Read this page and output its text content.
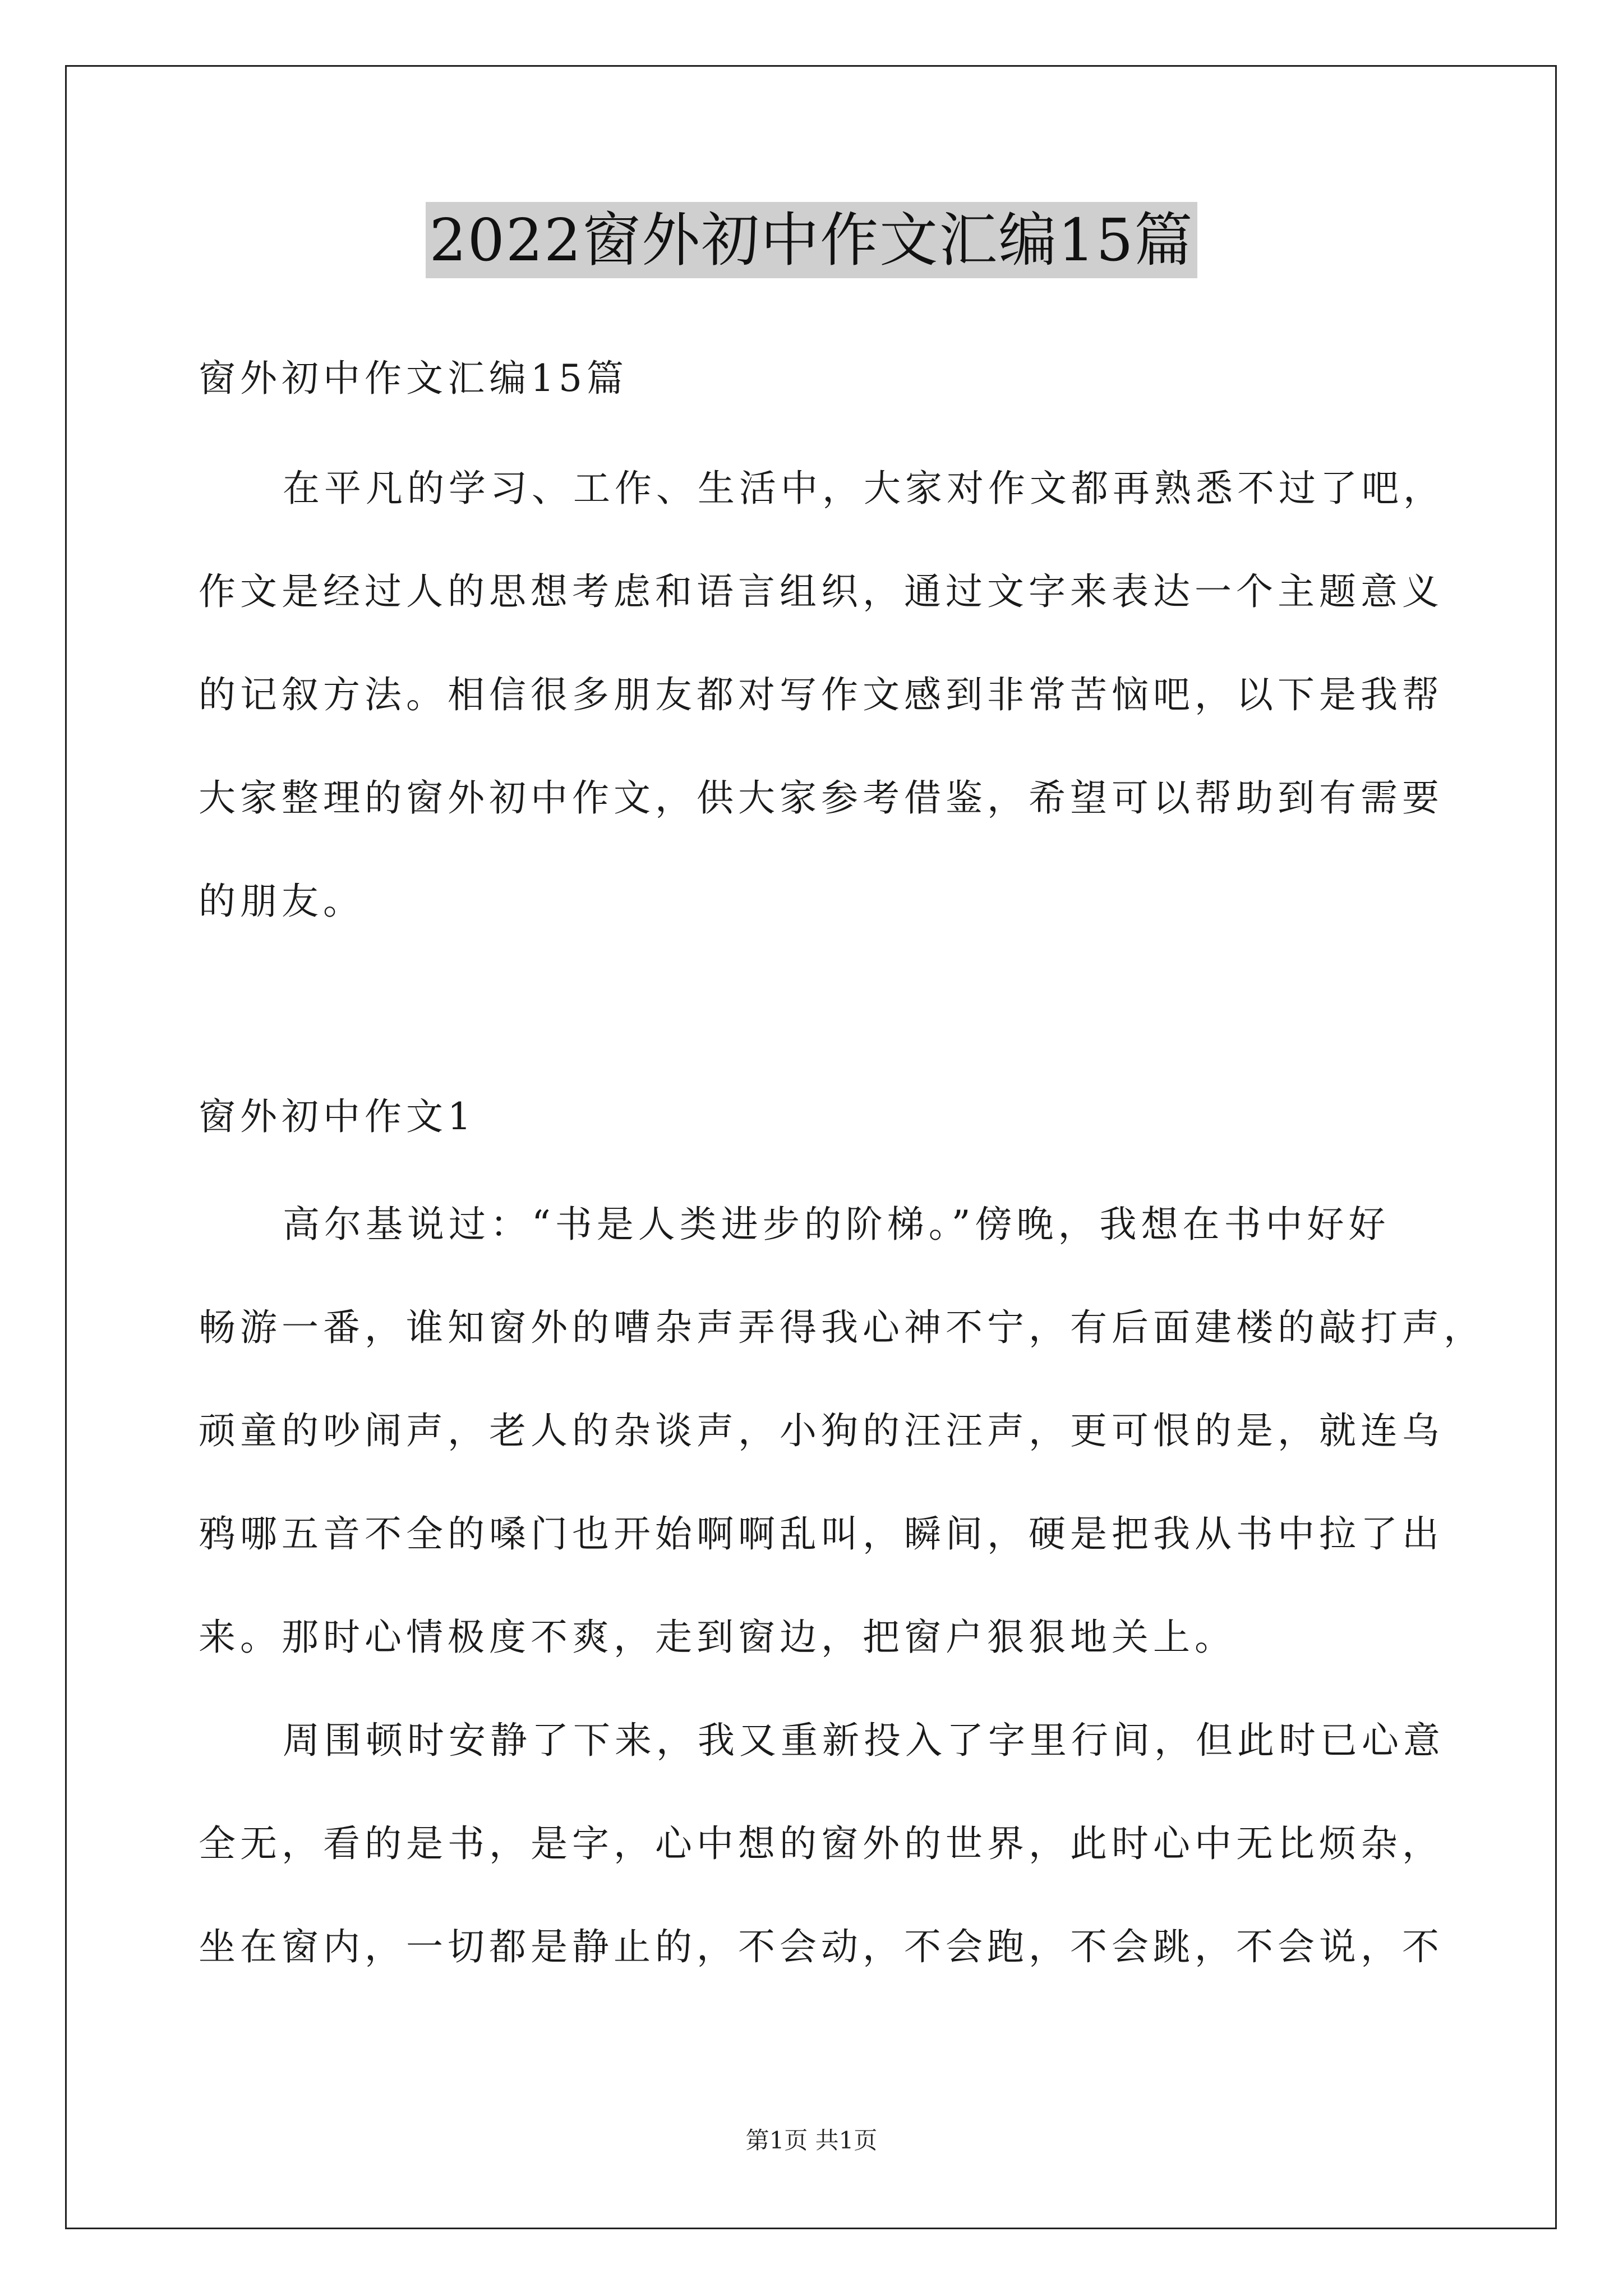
2022窗外初中作文汇编15篇
窗外初中作文汇编15篇
在平凡的学习、工作、生活中，大家对作文都再熟悉不过了吧，
作文是经过人的思想考虑和语言组织，通过文字来表达一个主题意义
的记叙方法。相信很多朋友都对写作文感到非常苦恼吧，以下是我帮
大家整理的窗外初中作文，供大家参考借鉴，希望可以帮助到有需要
的朋友。
窗外初中作文1
高尔基说过：“书是人类进步的阶梯。”傍晚，我想在书中好好
畅游一番，谁知窗外的嘈杂声弄得我心神不宁，有后面建楼的敲打声，
顽童的吵闹声，老人的杂谈声，小狗的汪汪声，更可恨的是，就连乌
鸦哪五音不全的嗓门也开始啊啊乱叫，瞬间，硬是把我从书中拉了出
来。那时心情极度不爽，走到窗边，把窗户狠狠地关上。
周围顿时安静了下来，我又重新投入了字里行间，但此时已心意
全无，看的是书，是字，心中想的窗外的世界，此时心中无比烦杂，
坐在窗内，一切都是静止的，不会动，不会跑，不会跳，不会说，不
第1页 共1页
